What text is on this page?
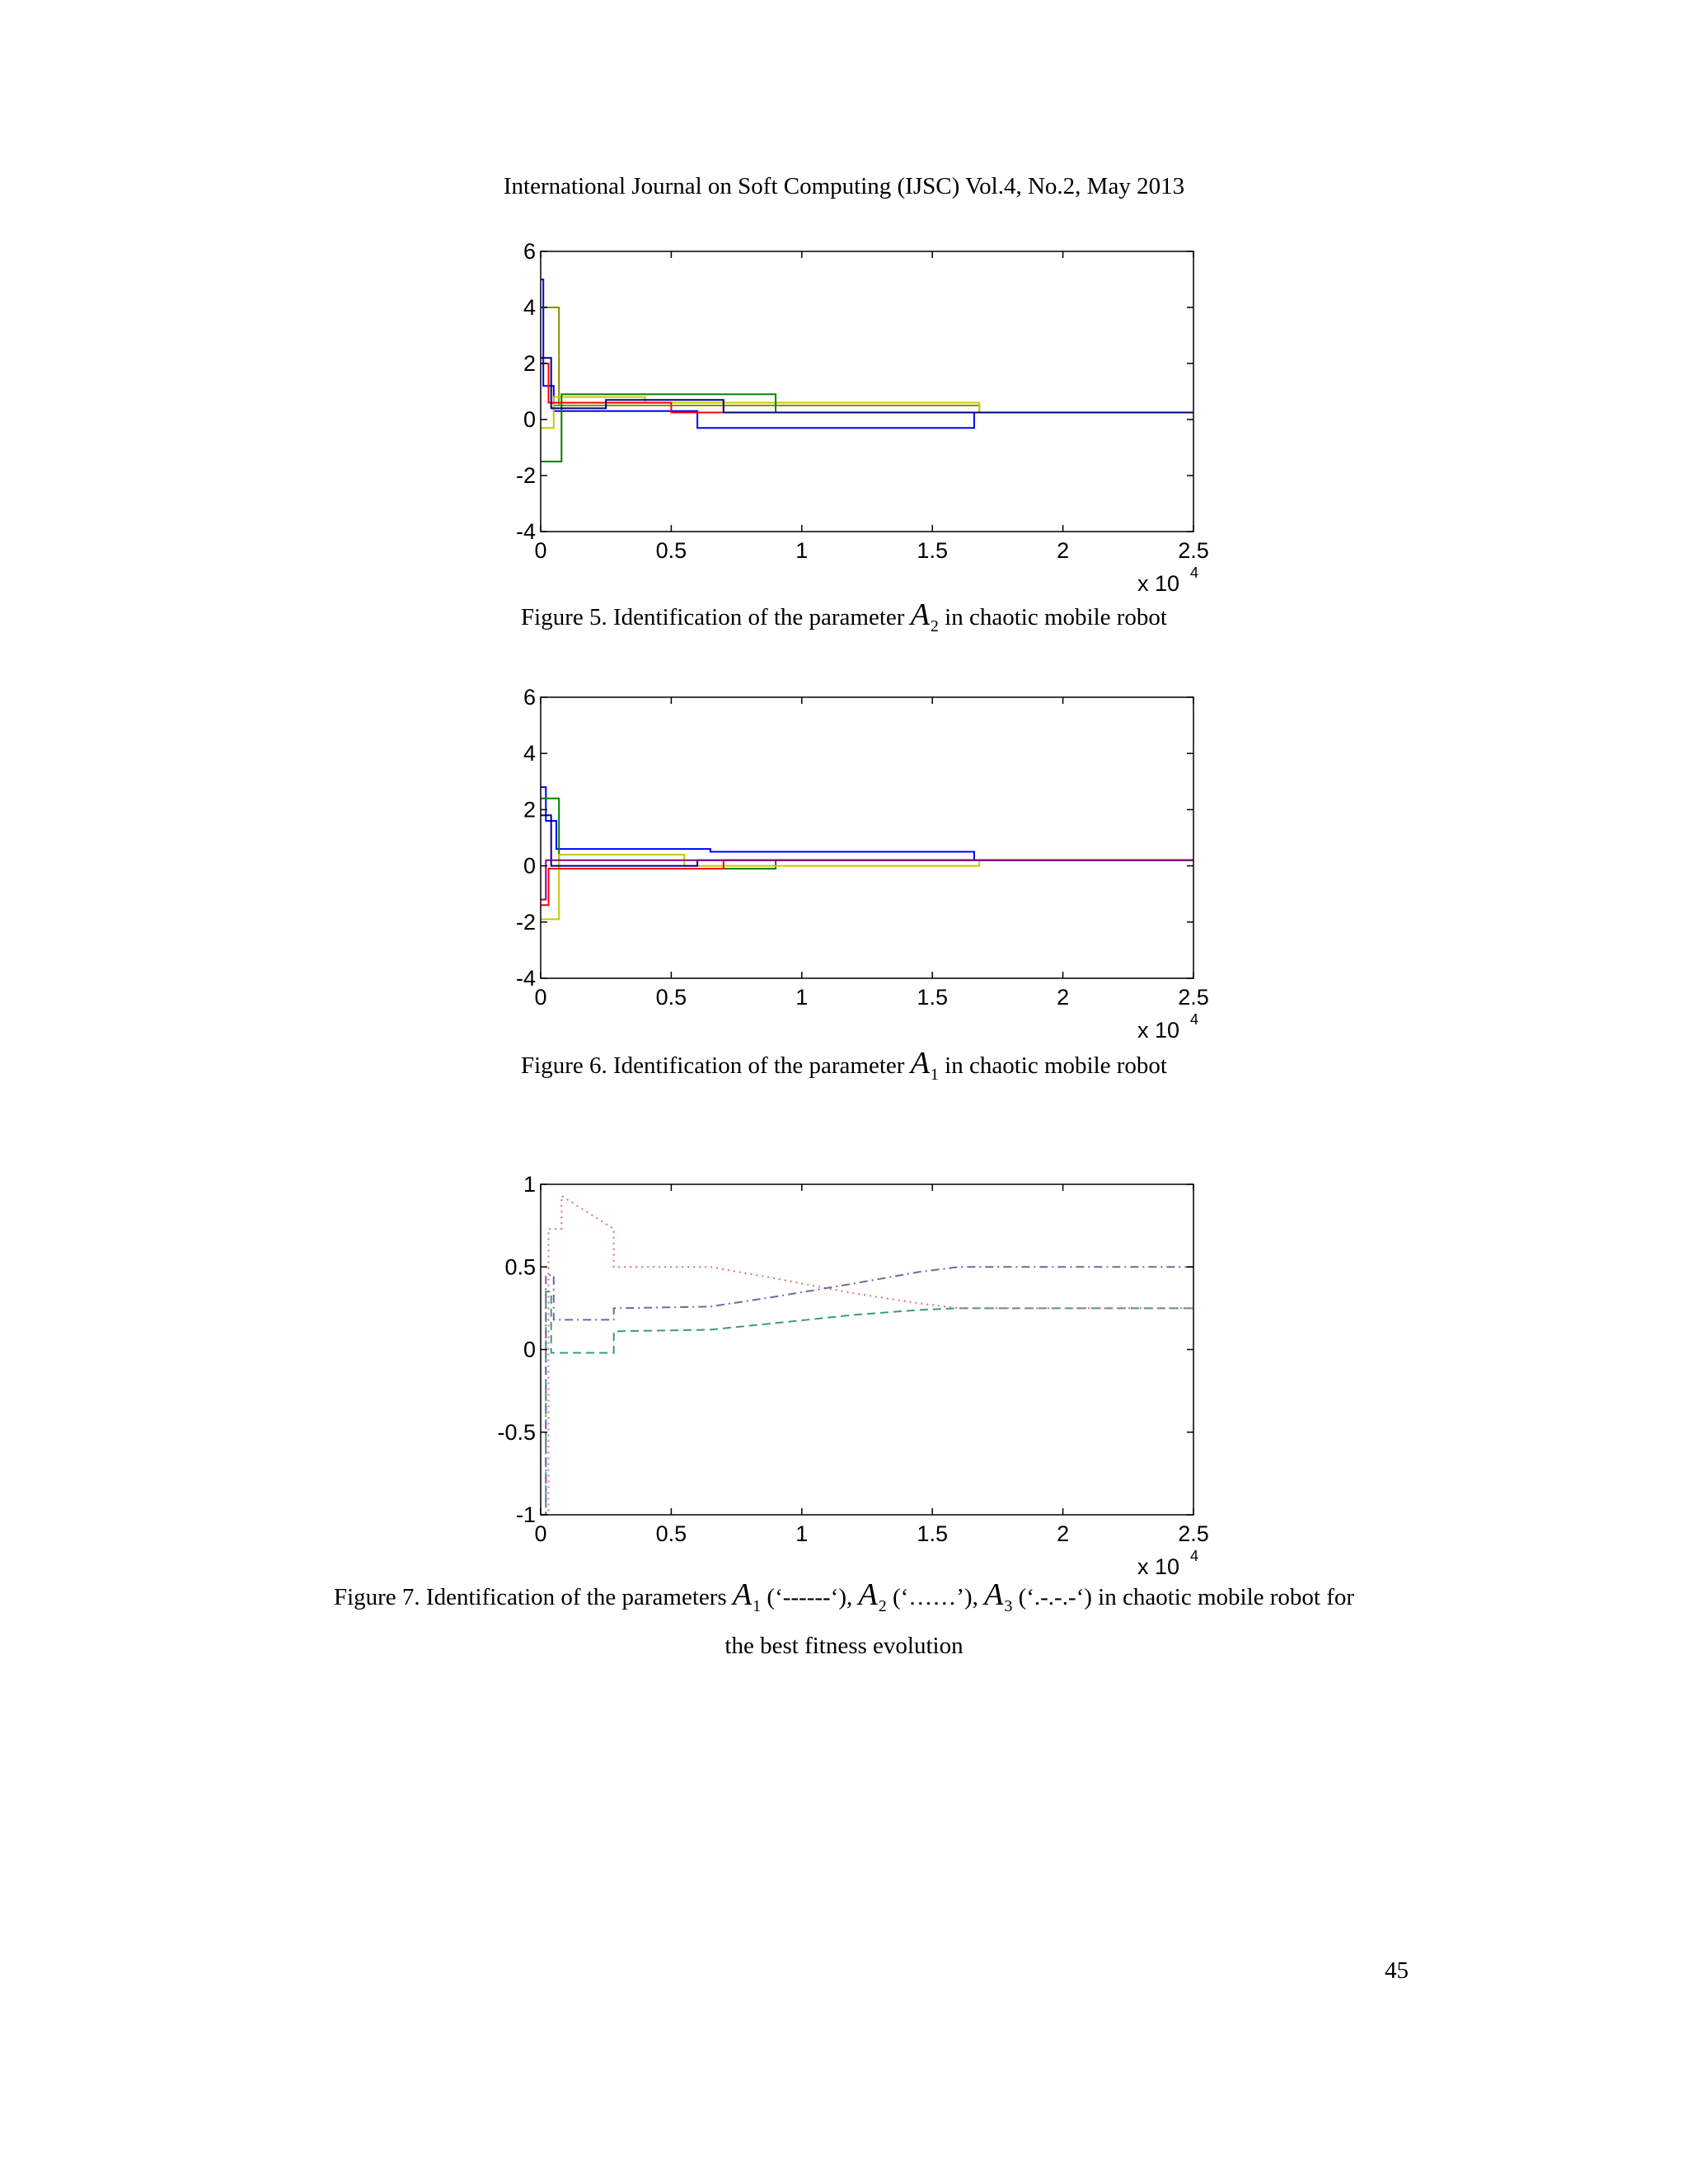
International Journal on Soft Computing (IJSC) Vol.4, No.2, May 2013
0	0.5	1	1.5	2	2.5
-4
-2
0
2
4
6
x 10 4
Figure 5. Identification of the parameter $A_2$ in chaotic mobile robot
0	0.5	1	1.5	2	2.5
-4
-2
0
2
4
6
x 10 4
Figure 6. Identification of the parameter $A_1$ in chaotic mobile robot
0	0.5	1	1.5	2	2.5
-1
-0.5
0
0.5
1
x 10 4
Figure 7. Identification of the parameters $A_1$ (‘------‘), $A_2$ (‘……’), $A_3$ (‘.-.-.-‘) in chaotic mobile robot for
the best fitness evolution
45
